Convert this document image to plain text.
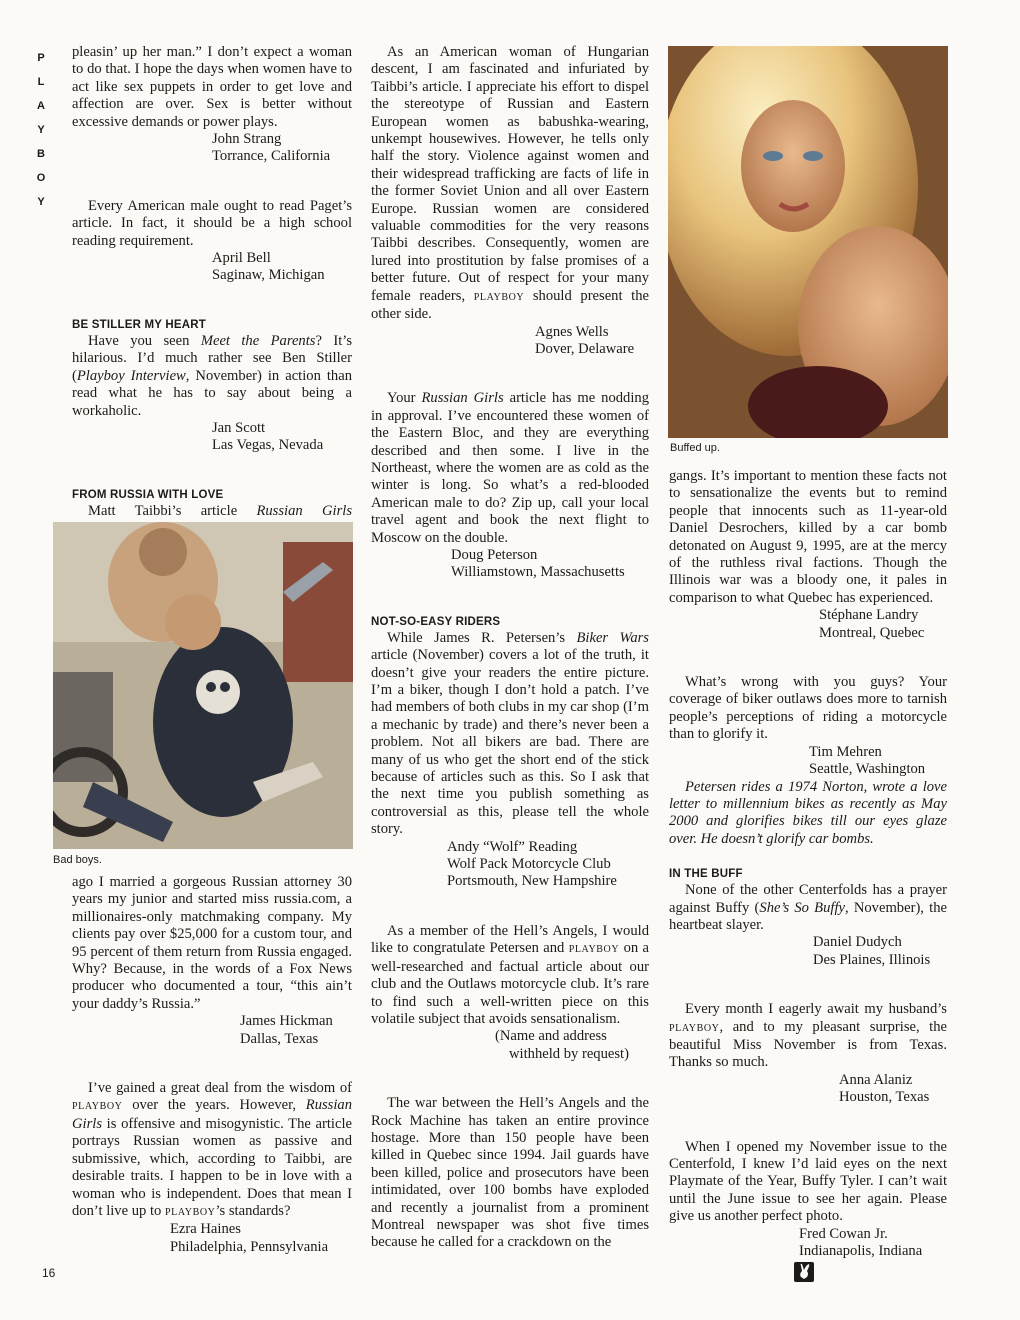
P
L
A
Y
B
O
Y

pleasin’ up her man.” I don’t expect a woman to do that. I hope the days when women have to act like sex puppets in order to get love and affection are over. Sex is better without excessive demands or power plays.

John Strang
Torrance, California

Every American male ought to read Paget’s article. In fact, it should be a high school reading requirement.

April Bell
Saginaw, Michigan
BE STILLER MY HEART

Have you seen Meet the Parents? It’s hilarious. I’d much rather see Ben Stiller (Playboy Interview, November) in action than read what he has to say about being a workaholic.

Jan Scott
Las Vegas, Nevada
FROM RUSSIA WITH LOVE

Matt Taibbi’s article Russian Girls

Bad boys.

ago I married a gorgeous Russian attorney 30 years my junior and started miss russia.com, a millionaires-only matchmaking company. My clients pay over $25,000 for a custom tour, and 95 percent of them return from Russia engaged. Why? Because, in the words of a Fox News producer who documented a tour, “this ain’t your daddy’s Russia.”

James Hickman
Dallas, Texas

I’ve gained a great deal from the wisdom of PLAYBOY over the years. However, Russian Girls is offensive and misogynistic. The article portrays Russian women as passive and submissive, which, according to Taibbi, are desirable traits. I happen to be in love with a woman who is independent. Does that mean I don’t live up to PLAYBOY’s standards?

Ezra Haines
Philadelphia, Pennsylvania

As an American woman of Hungarian descent, I am fascinated and infuriated by Taibbi’s article. I appreciate his effort to dispel the stereotype of Russian and Eastern European women as babushka-wearing, unkempt housewives. However, he tells only half the story. Violence against women and their widespread trafficking are facts of life in the former Soviet Union and all over Eastern Europe. Russian women are considered valuable commodities for the very reasons Taibbi describes. Consequently, women are lured into prostitution by false promises of a better future. Out of respect for your many female readers, PLAYBOY should present the other side.

Agnes Wells
Dover, Delaware

Your Russian Girls article has me nodding in approval. I’ve encountered these women of the Eastern Bloc, and they are everything described and then some. I live in the Northeast, where the women are as cold as the winter is long. So what’s a red-blooded American male to do? Zip up, call your local travel agent and book the next flight to Moscow on the double.

Doug Peterson
Williamstown, Massachusetts
NOT-SO-EASY RIDERS

While James R. Petersen’s Biker Wars article (November) covers a lot of the truth, it doesn’t give your readers the entire picture. I’m a biker, though I don’t hold a patch. I’ve had members of both clubs in my car shop (I’m a mechanic by trade) and there’s never been a problem. Not all bikers are bad. There are many of us who get the short end of the stick because of articles such as this. So I ask that the next time you publish something as controversial as this, please tell the whole story.

Andy “Wolf” Reading
Wolf Pack Motorcycle Club
Portsmouth, New Hampshire

As a member of the Hell’s Angels, I would like to congratulate Petersen and PLAYBOY on a well-researched and factual article about our club and the Outlaws motorcycle club. It’s rare to find such a well-written piece on this volatile subject that avoids sensationalism.

(Name and address
withheld by request)

The war between the Hell’s Angels and the Rock Machine has taken an entire province hostage. More than 150 people have been killed in Quebec since 1994. Jail guards have been killed, police and prosecutors have been intimidated, over 100 bombs have exploded and recently a journalist from a prominent Montreal newspaper was shot five times because he called for a crackdown on the

Buffed up.

gangs. It’s important to mention these facts not to sensationalize the events but to remind people that innocents such as 11-year-old Daniel Desrochers, killed by a car bomb detonated on August 9, 1995, are at the mercy of the ruthless rival factions. Though the Illinois war was a bloody one, it pales in comparison to what Quebec has experienced.

Stéphane Landry
Montreal, Quebec

What’s wrong with you guys? Your coverage of biker outlaws does more to tarnish people’s perceptions of riding a motorcycle than to glorify it.

Tim Mehren
Seattle, Washington

Petersen rides a 1974 Norton, wrote a love letter to millennium bikes as recently as May 2000 and glorifies bikes till our eyes glaze over. He doesn’t glorify car bombs.

IN THE BUFF

None of the other Centerfolds has a prayer against Buffy (She’s So Buffy, November), the heartbeat slayer.

Daniel Dudych
Des Plaines, Illinois

Every month I eagerly await my husband’s PLAYBOY, and to my pleasant surprise, the beautiful Miss November is from Texas. Thanks so much.

Anna Alaniz
Houston, Texas

When I opened my November issue to the Centerfold, I knew I’d laid eyes on the next Playmate of the Year, Buffy Tyler. I can’t wait until the June issue to see her again. Please give us another perfect photo.

Fred Cowan Jr.
Indianapolis, Indiana
16
